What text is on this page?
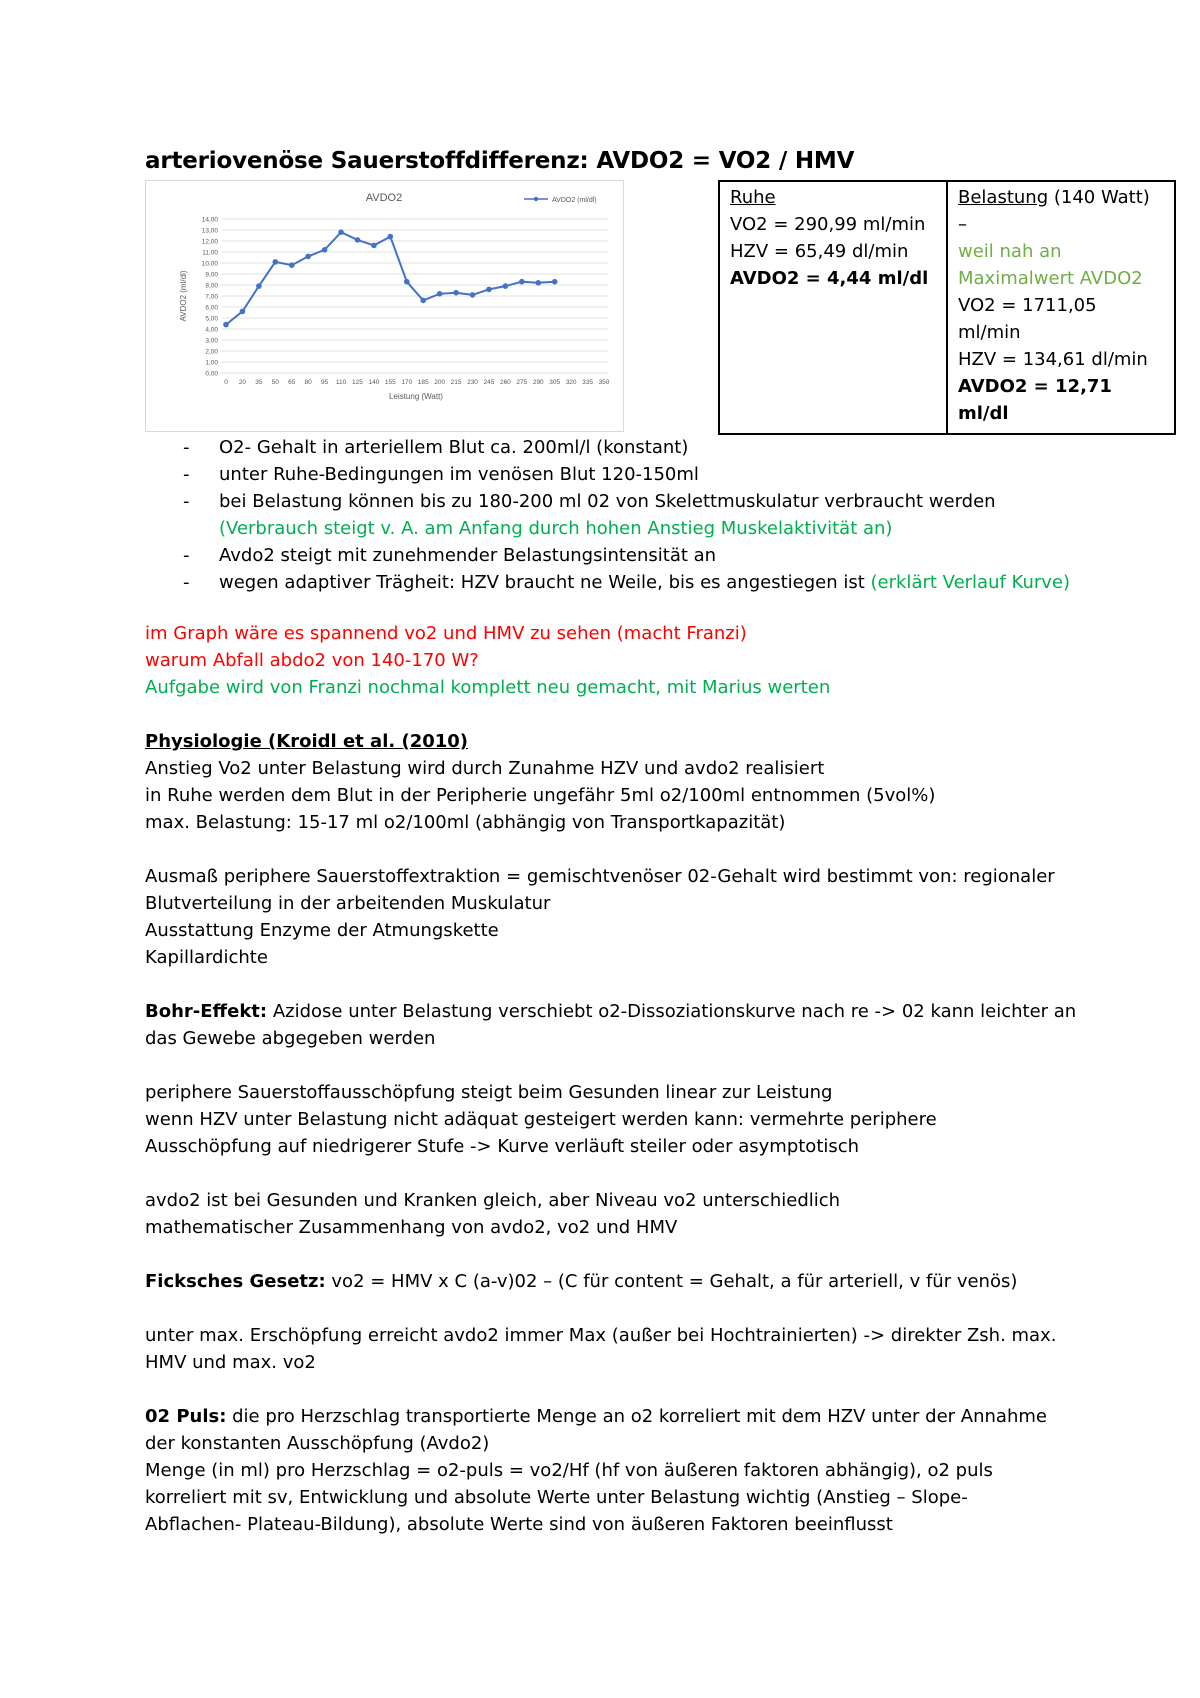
arteriovenöse Sauerstoffdifferenz: AVDO2 = VO2 / HMV
AVDO2	AVDO2 (ml/dl)
0,00
1,00
2,00
3,00
4,00
5,00
6,00
7,00
8,00
9,00
10,00
11,00
12,00
13,00
14,00
0 20 35 50 65 80 95 110 125 140 155 170 185 200 215 230 245 260 275 290 305 320 335 350
Leistung (Watt)
AVDO2 (ml/dl)
Ruhe
VO2 = 290,99 ml/min
HZV = 65,49 dl/min
AVDO2 = 4,44 ml/dl

Belastung (140 Watt) –
weil nah an
Maximalwert AVDO2
VO2 = 1711,05 ml/min
HZV = 134,61 dl/min
AVDO2 = 12,71 ml/dl
- O2- Gehalt in arteriellem Blut ca. 200ml/l (konstant)
- unter Ruhe-Bedingungen im venösen Blut 120-150ml
- bei Belastung können bis zu 180-200 ml 02 von Skelettmuskulatur verbraucht werden
(Verbrauch steigt v. A. am Anfang durch hohen Anstieg Muskelaktivität an)
- Avdo2 steigt mit zunehmender Belastungsintensität an
- wegen adaptiver Trägheit: HZV braucht ne Weile, bis es angestiegen ist (erklärt Verlauf Kurve)

im Graph wäre es spannend vo2 und HMV zu sehen (macht Franzi)

warum Abfall abdo2 von 140-170 W?

Aufgabe wird von Franzi nochmal komplett neu gemacht, mit Marius werten

Physiologie (Kroidl et al. (2010)

Anstieg Vo2 unter Belastung wird durch Zunahme HZV und avdo2 realisiert

in Ruhe werden dem Blut in der Peripherie ungefähr 5ml o2/100ml entnommen (5vol%)

max. Belastung: 15-17 ml o2/100ml (abhängig von Transportkapazität)

Ausmaß periphere Sauerstoffextraktion = gemischtvenöser 02-Gehalt wird bestimmt von: regionaler

Blutverteilung in der arbeitenden Muskulatur

Ausstattung Enzyme der Atmungskette

Kapillardichte

Bohr-Effekt: Azidose unter Belastung verschiebt o2-Dissoziationskurve nach re -> 02 kann leichter an

das Gewebe abgegeben werden

periphere Sauerstoffausschöpfung steigt beim Gesunden linear zur Leistung

wenn HZV unter Belastung nicht adäquat gesteigert werden kann: vermehrte periphere

Ausschöpfung auf niedrigerer Stufe -> Kurve verläuft steiler oder asymptotisch

avdo2 ist bei Gesunden und Kranken gleich, aber Niveau vo2 unterschiedlich

mathematischer Zusammenhang von avdo2, vo2 und HMV

Ficksches Gesetz: vo2 = HMV x C (a-v)02 – (C für content = Gehalt, a für arteriell, v für venös)

unter max. Erschöpfung erreicht avdo2 immer Max (außer bei Hochtrainierten) -> direkter Zsh. max.

HMV und max. vo2

02 Puls: die pro Herzschlag transportierte Menge an o2 korreliert mit dem HZV unter der Annahme

der konstanten Ausschöpfung (Avdo2)

Menge (in ml) pro Herzschlag = o2-puls = vo2/Hf (hf von äußeren faktoren abhängig), o2 puls

korreliert mit sv, Entwicklung und absolute Werte unter Belastung wichtig (Anstieg – Slope-

Abflachen- Plateau-Bildung), absolute Werte sind von äußeren Faktoren beeinflusst
